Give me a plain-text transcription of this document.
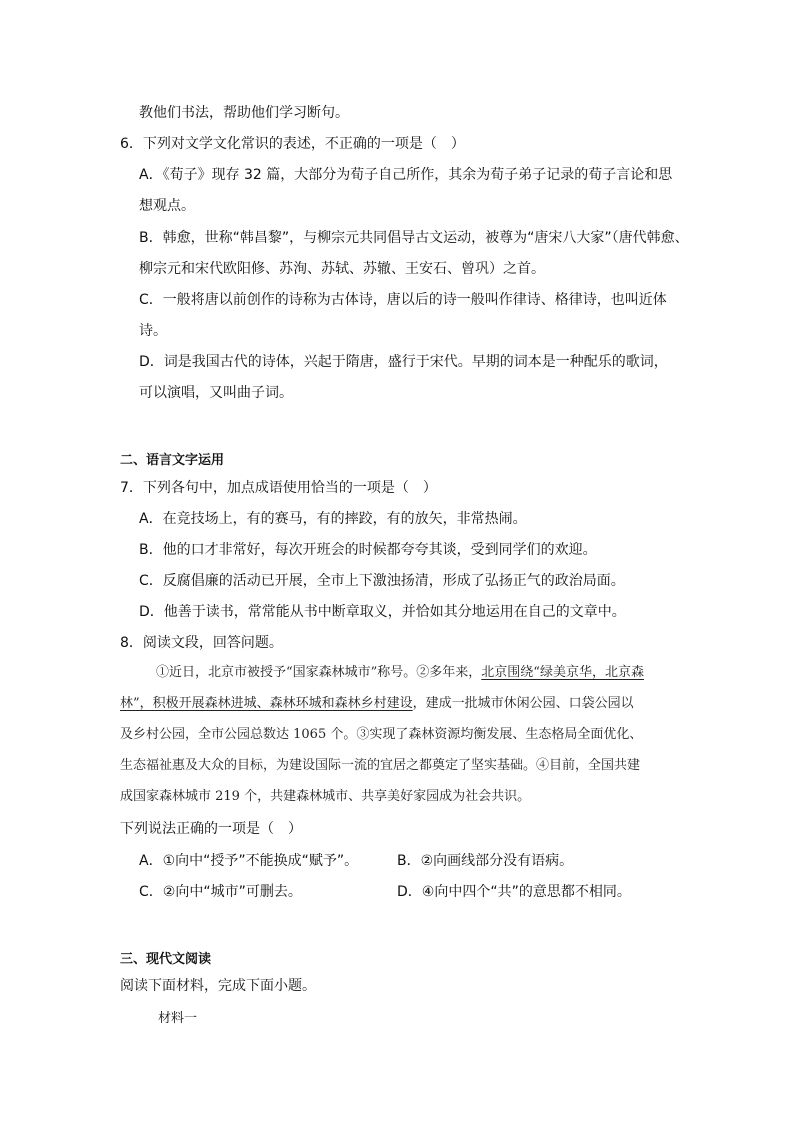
教他们书法，帮助他们学习断句。
6．下列对文学文化常识的表述，不正确的一项是（　）
A．《荀子》现存 32 篇，大部分为荀子自己所作，其余为荀子弟子记录的荀子言论和思
想观点。
B．韩愈，世称“韩昌黎”，与柳宗元共同倡导古文运动，被尊为“唐宋八大家”（唐代韩愈、
柳宗元和宋代欧阳修、苏洵、苏轼、苏辙、王安石、曾巩）之首。
C．一般将唐以前创作的诗称为古体诗，唐以后的诗一般叫作律诗、格律诗，也叫近体
诗。
D．词是我国古代的诗体，兴起于隋唐，盛行于宋代。早期的词本是一种配乐的歌词，
可以演唱，又叫曲子词。
二、语言文字运用
7．下列各句中，加点成语使用恰当的一项是（　）
A．在竞技场上，有的赛马，有的摔跤，有的放矢，非常热闹。
B．他的口才非常好，每次开班会的时候都夸夸其谈，受到同学们的欢迎。
C．反腐倡廉的活动已开展，全市上下激浊扬清，形成了弘扬正气的政治局面。
D．他善于读书，常常能从书中断章取义，并恰如其分地运用在自己的文章中。
8．阅读文段，回答问题。
①近日，北京市被授予“国家森林城市”称号。②多年来，北京围绕“绿美京华，北京森
林”，积极开展森林进城、森林环城和森林乡村建设，建成一批城市休闲公园、口袋公园以
及乡村公园，全市公园总数达 1065 个。③实现了森林资源均衡发展、生态格局全面优化、
生态福祉惠及大众的目标，为建设国际一流的宜居之都奠定了坚实基础。④目前，全国共建
成国家森林城市 219 个，共建森林城市、共享美好家园成为社会共识。
下列说法正确的一项是（　）
A．①向中“授予”不能换成“赋予”。	B．②向画线部分没有语病。
C．②向中“城市”可删去。	D．④向中四个“共”的意思都不相同。
三、现代文阅读
阅读下面材料，完成下面小题。
材料一
